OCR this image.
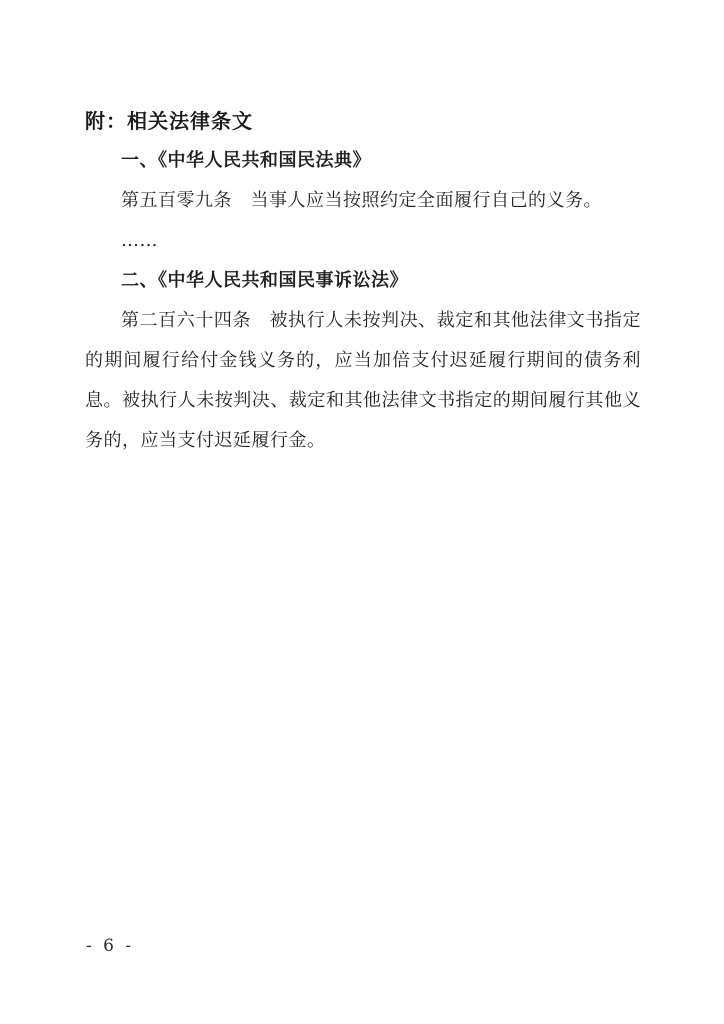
附：相关法律条文

一、《中华人民共和国民法典》

第五百零九条　当事人应当按照约定全面履行自己的义务。

……

二、《中华人民共和国民事诉讼法》

第二百六十四条　被执行人未按判决、裁定和其他法律文书指定的期间履行给付金钱义务的，应当加倍支付迟延履行期间的债务利息。被执行人未按判决、裁定和其他法律文书指定的期间履行其他义务的，应当支付迟延履行金。

- 6 -
